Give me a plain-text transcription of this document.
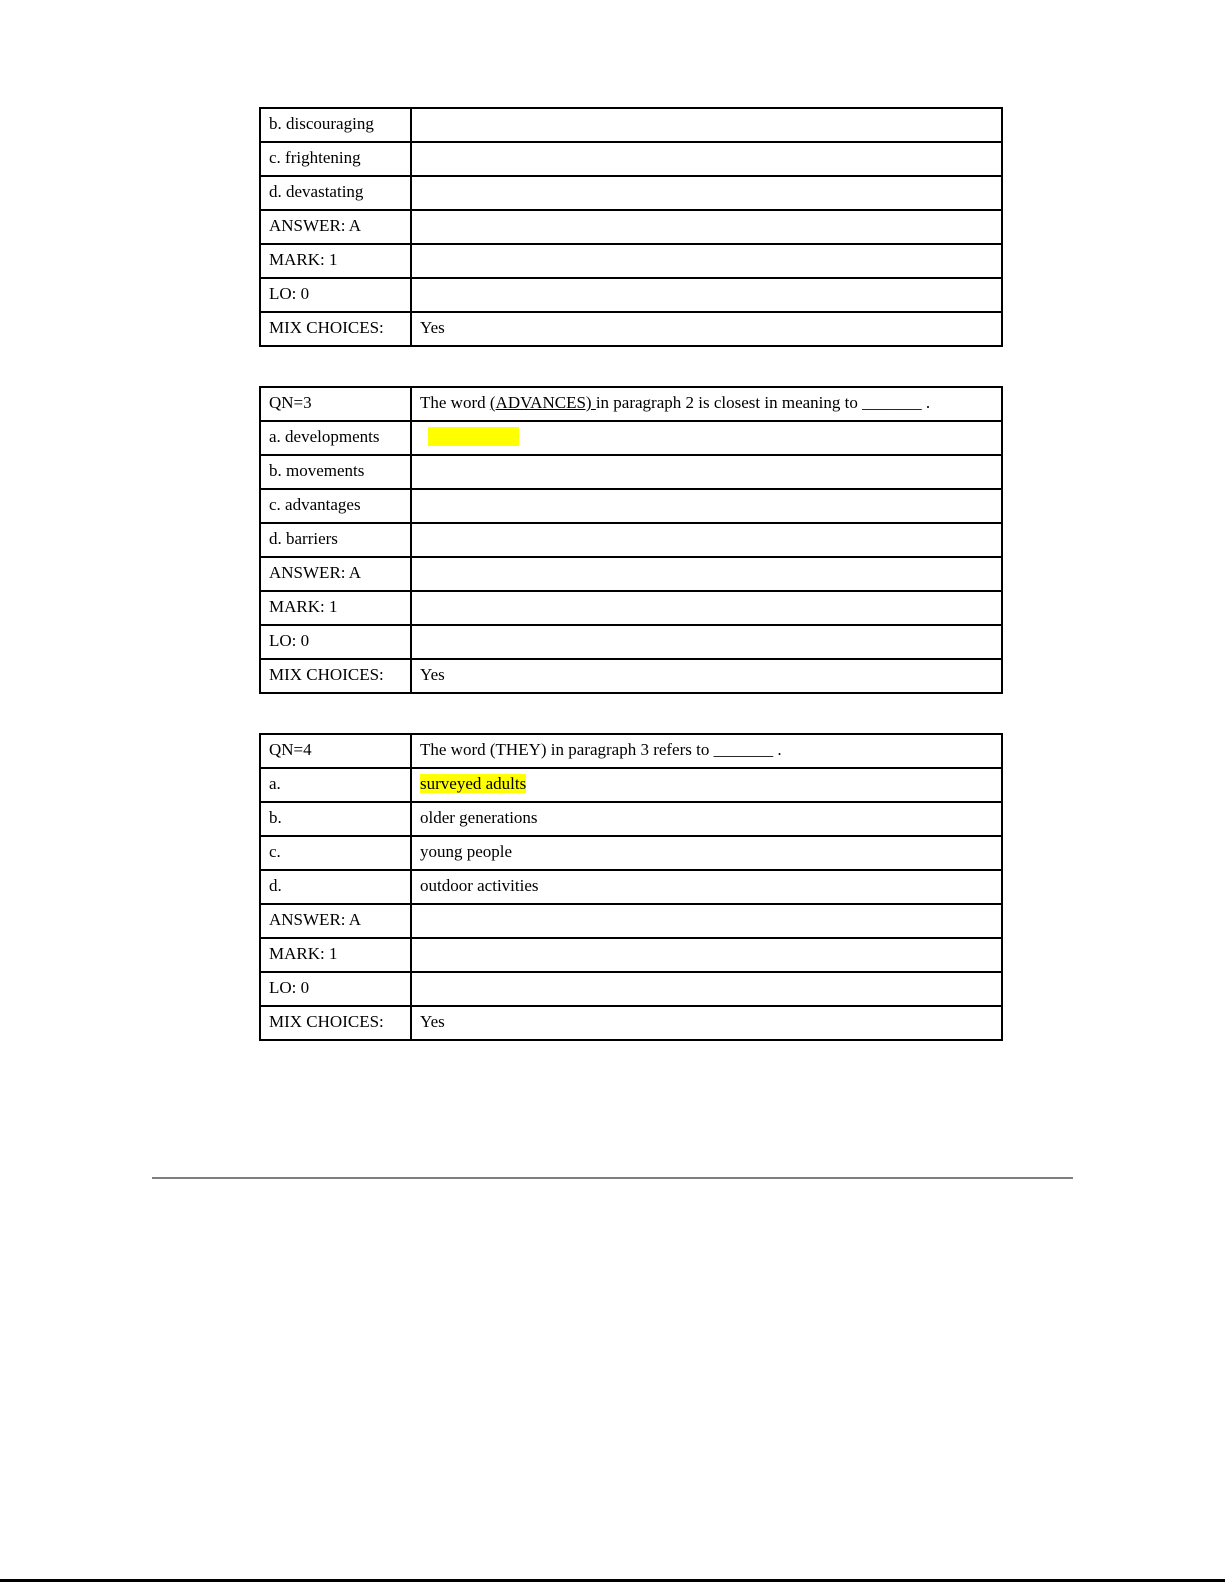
b. discouraging	
c. frightening	
d. devastating	
ANSWER: A	
MARK: 1	
LO: 0	
MIX CHOICES:	Yes
QN=3	The word (ADVANCES) in paragraph 2 is closest in meaning to _______ .
a. developments	
b. movements	
c. advantages	
d. barriers	
ANSWER: A	
MARK: 1	
LO: 0	
MIX CHOICES:	Yes
QN=4	The word (THEY) in paragraph 3 refers to _______ .
a.	surveyed adults
b.	older generations
c.	young people
d.	outdoor activities
ANSWER: A	
MARK: 1	
LO: 0	
MIX CHOICES:	Yes
